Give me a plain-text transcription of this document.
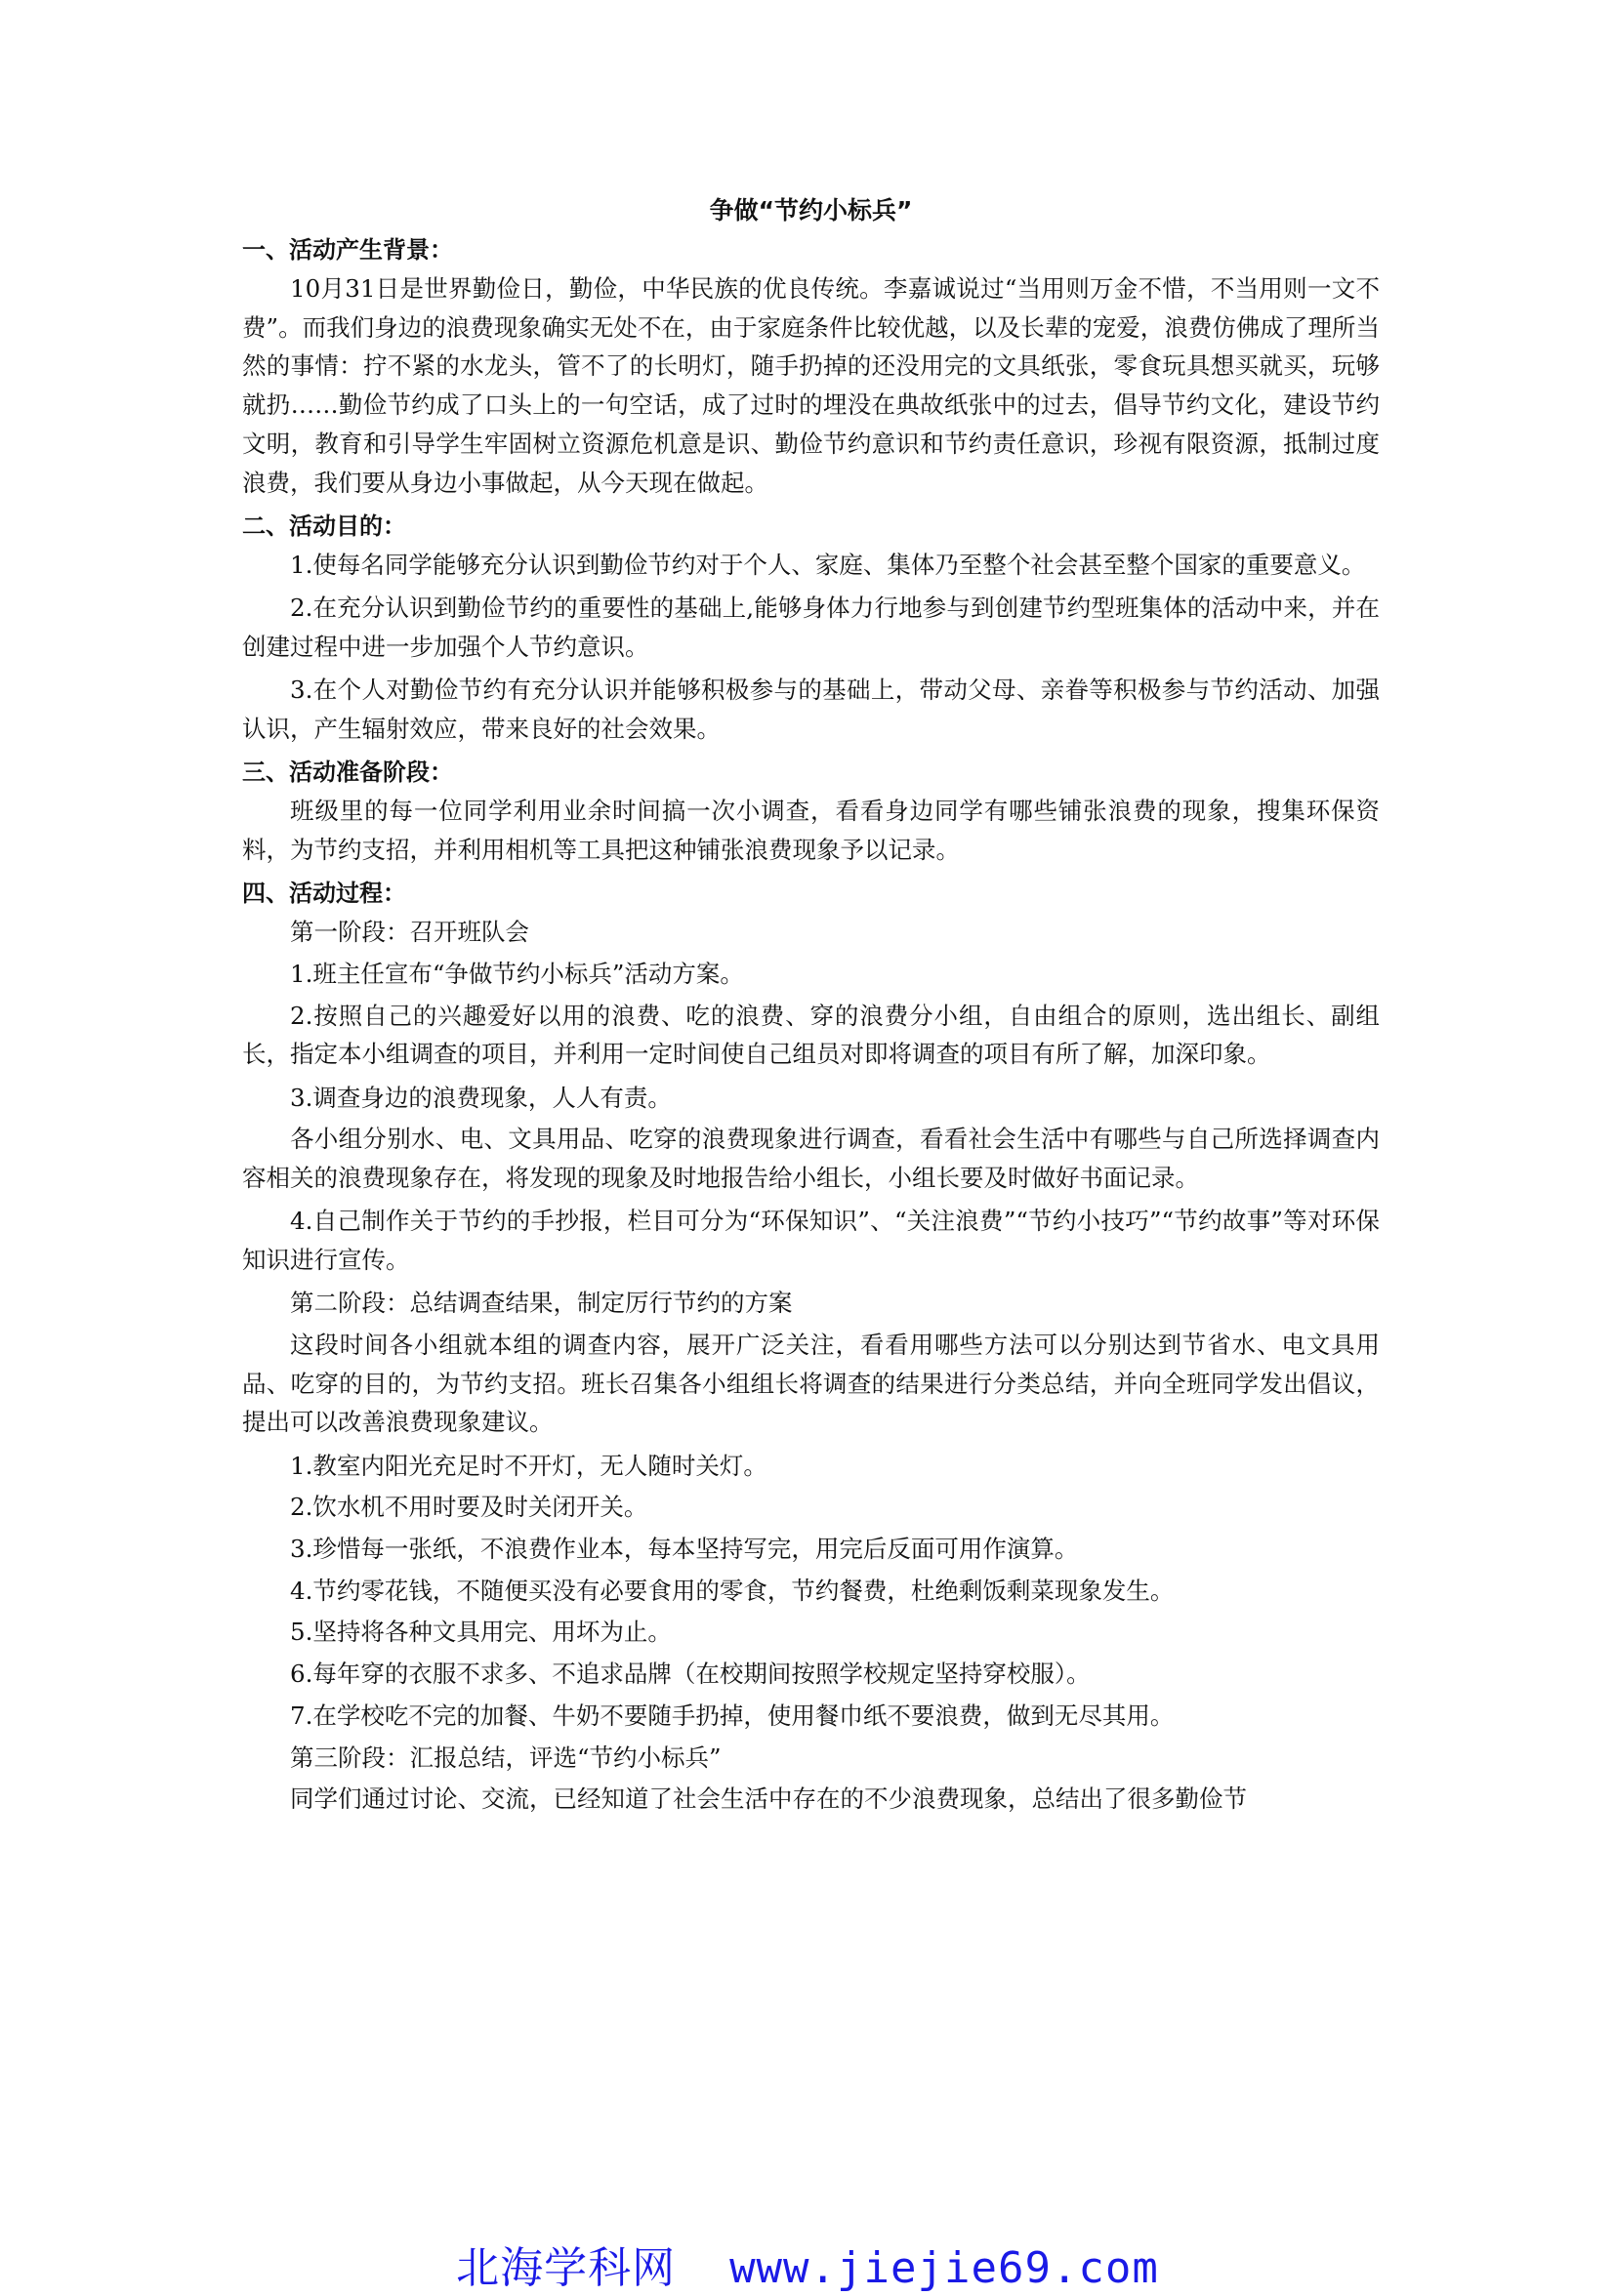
争做“节约小标兵”

一、活动产生背景：

10月31日是世界勤俭日，勤俭，中华民族的优良传统。李嘉诚说过“当用则万金不惜，不当用则一文不费”。而我们身边的浪费现象确实无处不在，由于家庭条件比较优越，以及长辈的宠爱，浪费仿佛成了理所当然的事情：拧不紧的水龙头，管不了的长明灯，随手扔掉的还没用完的文具纸张，零食玩具想买就买，玩够就扔……勤俭节约成了口头上的一句空话，成了过时的埋没在典故纸张中的过去，倡导节约文化，建设节约文明，教育和引导学生牢固树立资源危机意是识、勤俭节约意识和节约责任意识，珍视有限资源，抵制过度浪费，我们要从身边小事做起，从今天现在做起。

二、活动目的：

1.使每名同学能够充分认识到勤俭节约对于个人、家庭、集体乃至整个社会甚至整个国家的重要意义。

2.在充分认识到勤俭节约的重要性的基础上,能够身体力行地参与到创建节约型班集体的活动中来，并在创建过程中进一步加强个人节约意识。

3.在个人对勤俭节约有充分认识并能够积极参与的基础上，带动父母、亲眷等积极参与节约活动、加强认识，产生辐射效应，带来良好的社会效果。

三、活动准备阶段：

班级里的每一位同学利用业余时间搞一次小调查，看看身边同学有哪些铺张浪费的现象，搜集环保资料，为节约支招，并利用相机等工具把这种铺张浪费现象予以记录。

四、活动过程：

第一阶段：召开班队会

1.班主任宣布“争做节约小标兵”活动方案。

2.按照自己的兴趣爱好以用的浪费、吃的浪费、穿的浪费分小组，自由组合的原则，选出组长、副组长，指定本小组调查的项目，并利用一定时间使自己组员对即将调查的项目有所了解，加深印象。

3.调查身边的浪费现象，人人有责。

各小组分别水、电、文具用品、吃穿的浪费现象进行调查，看看社会生活中有哪些与自己所选择调查内容相关的浪费现象存在，将发现的现象及时地报告给小组长，小组长要及时做好书面记录。

4.自己制作关于节约的手抄报，栏目可分为“环保知识”、“关注浪费”“节约小技巧”“节约故事”等对环保知识进行宣传。

第二阶段：总结调查结果，制定厉行节约的方案

这段时间各小组就本组的调查内容，展开广泛关注，看看用哪些方法可以分别达到节省水、电文具用品、吃穿的目的，为节约支招。班长召集各小组组长将调查的结果进行分类总结，并向全班同学发出倡议，提出可以改善浪费现象建议。

1.教室内阳光充足时不开灯，无人随时关灯。

2.饮水机不用时要及时关闭开关。

3.珍惜每一张纸，不浪费作业本，每本坚持写完，用完后反面可用作演算。

4.节约零花钱，不随便买没有必要食用的零食，节约餐费，杜绝剩饭剩菜现象发生。

5.坚持将各种文具用完、用坏为止。

6.每年穿的衣服不求多、不追求品牌（在校期间按照学校规定坚持穿校服）。

7.在学校吃不完的加餐、牛奶不要随手扔掉，使用餐巾纸不要浪费，做到无尽其用。

第三阶段：汇报总结，评选“节约小标兵”

同学们通过讨论、交流，已经知道了社会生活中存在的不少浪费现象，总结出了很多勤俭节

北海学科网 www.jiejie69.com
